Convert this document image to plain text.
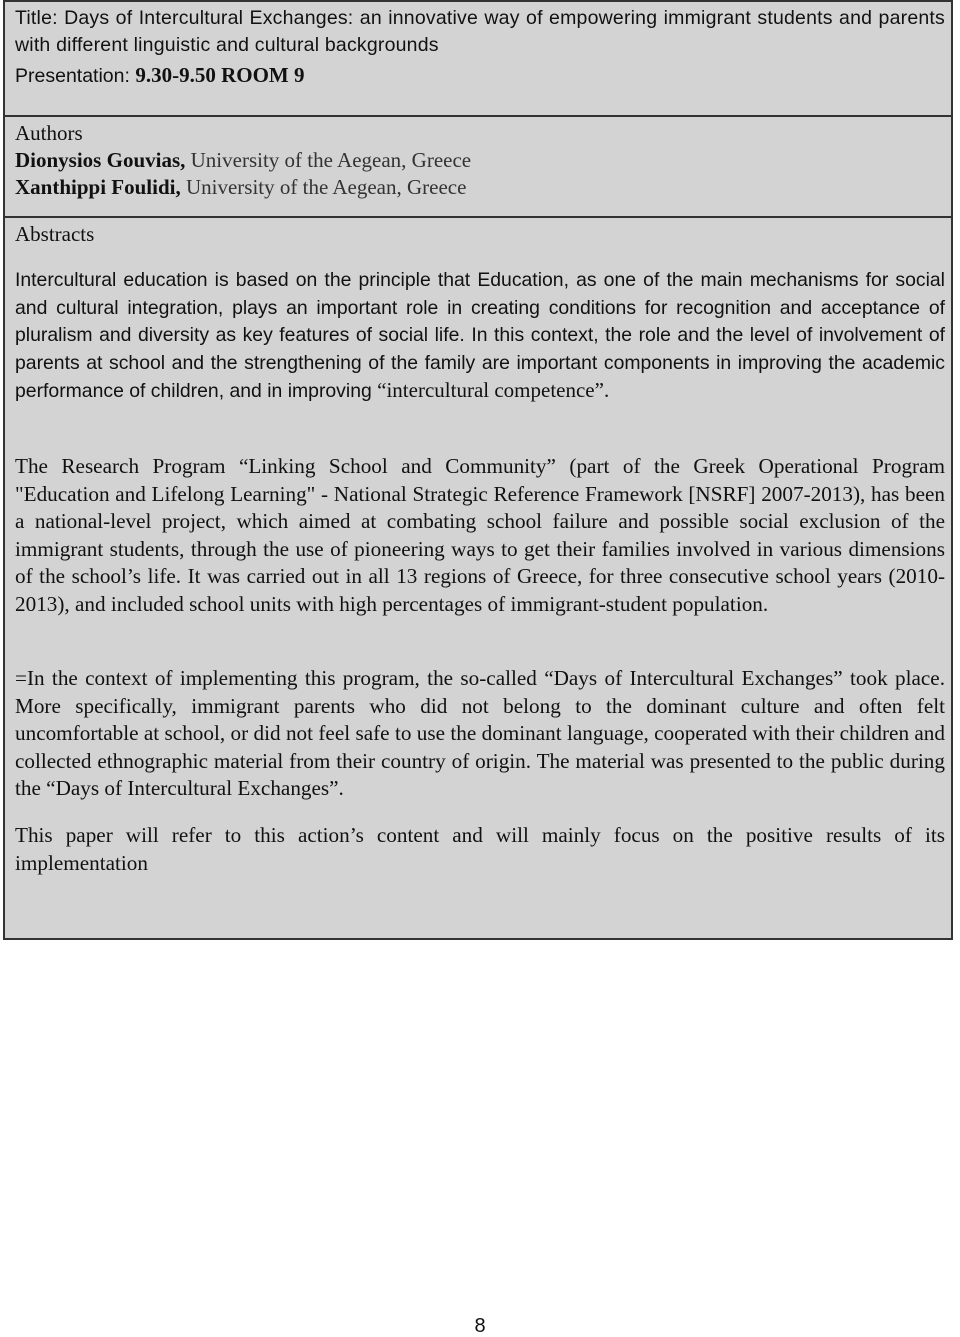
Title: Days of Intercultural Exchanges: an innovative way of empowering immigrant students and parents with different linguistic and cultural backgrounds
Presentation: 9.30-9.50 ROOM 9
Authors
Dionysios Gouvias, University of the Aegean, Greece
Xanthippi Foulidi, University of the Aegean, Greece
Abstracts

Intercultural education is based on the principle that Education, as one of the main mechanisms for social and cultural integration, plays an important role in creating conditions for recognition and acceptance of pluralism and diversity as key features of social life. In this context, the role and the level of involvement of parents at school and the strengthening of the family are important components in improving the academic performance of children, and in improving “intercultural competence”.

The Research Program “Linking School and Community” (part of the Greek Operational Program "Education and Lifelong Learning" - National Strategic Reference Framework [NSRF] 2007-2013), has been a national-level project, which aimed at combating school failure and possible social exclusion of the immigrant students, through the use of pioneering ways to get their families involved in various dimensions of the school’s life. It was carried out in all 13 regions of Greece, for three consecutive school years (2010-2013), and included school units with high percentages of immigrant-student population.

=In the context of implementing this program, the so-called “Days of Intercultural Exchanges” took place. More specifically, immigrant parents who did not belong to the dominant culture and often felt uncomfortable at school, or did not feel safe to use the dominant language, cooperated with their children and collected ethnographic material from their country of origin. The material was presented to the public during the “Days of Intercultural Exchanges”.

This paper will refer to this action’s content and will mainly focus on the positive results of its implementation

8
